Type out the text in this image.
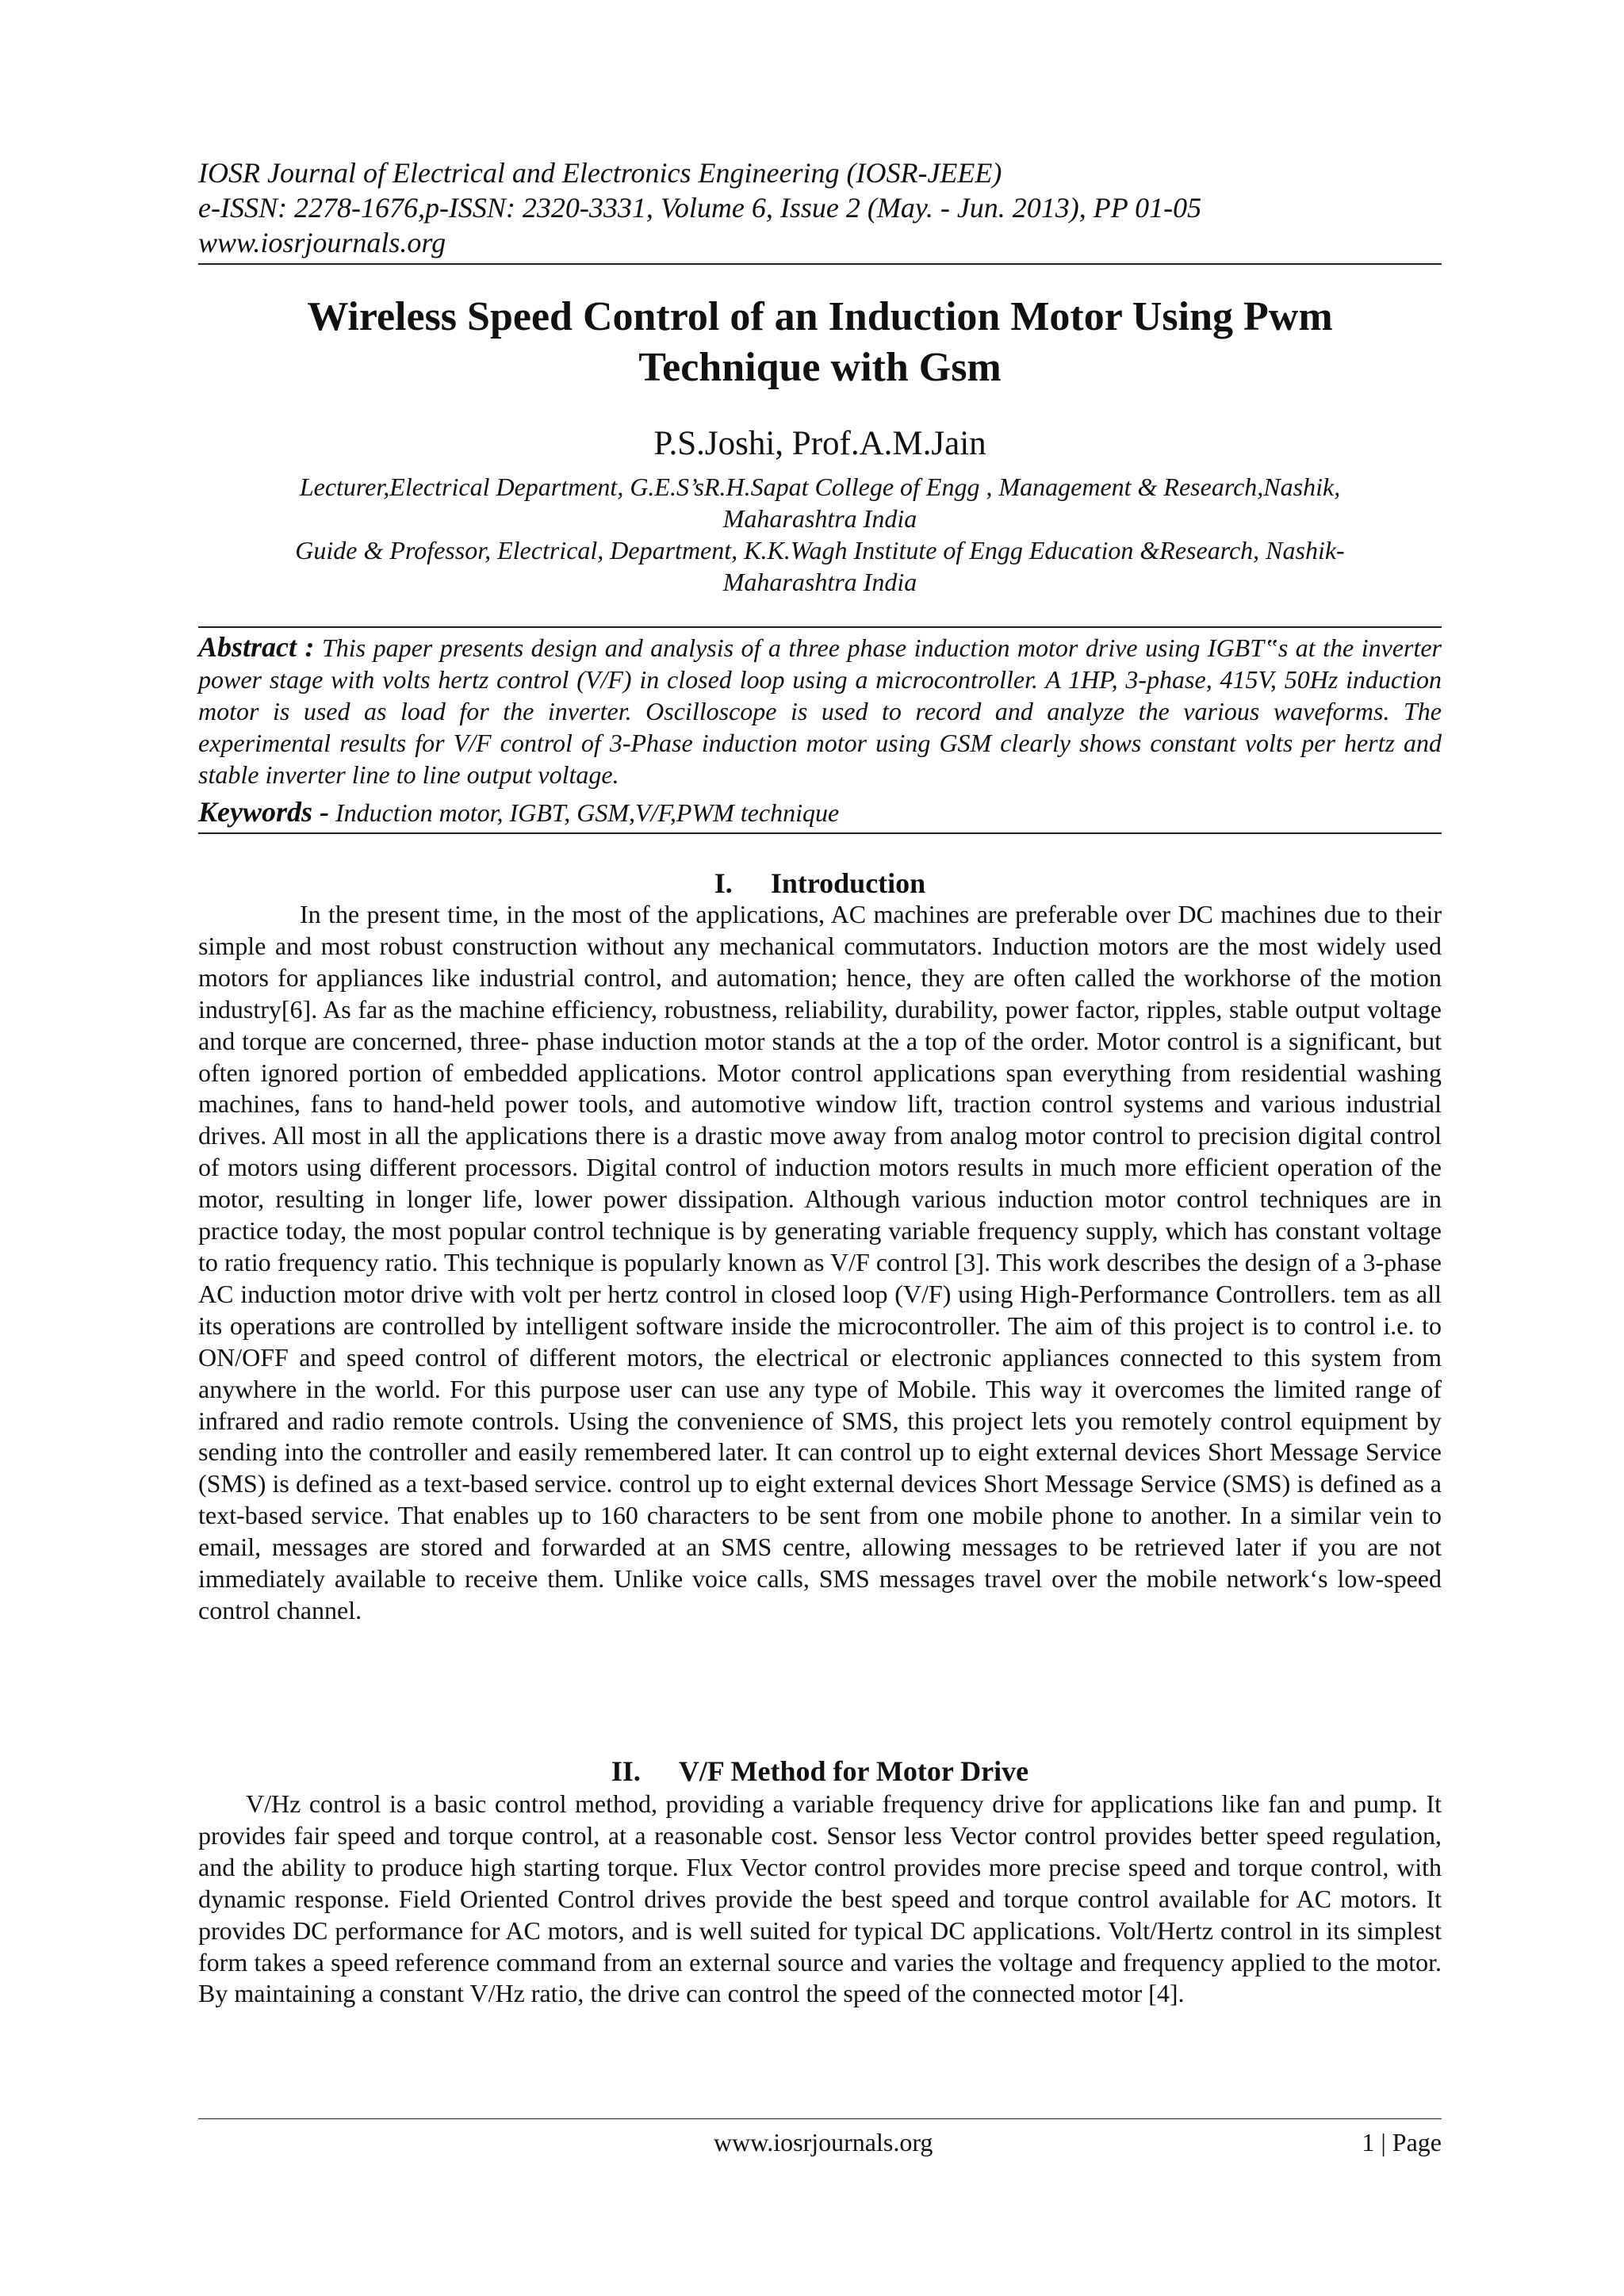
IOSR Journal of Electrical and Electronics Engineering (IOSR-JEEE)
e-ISSN: 2278-1676,p-ISSN: 2320-3331, Volume 6, Issue 2 (May. - Jun. 2013), PP 01-05
www.iosrjournals.org
Wireless Speed Control of an Induction Motor Using Pwm
Technique with Gsm
P.S.Joshi, Prof.A.M.Jain
Lecturer,Electrical Department, G.E.S’sR.H.Sapat College of Engg , Management & Research,Nashik,
Maharashtra India
Guide & Professor, Electrical, Department, K.K.Wagh Institute of Engg Education &Research, Nashik-
Maharashtra India
Abstract : This paper presents design and analysis of a three phase induction motor drive using IGBT‟s at the inverter power stage with volts hertz control (V/F) in closed loop using a microcontroller. A 1HP, 3-phase, 415V, 50Hz induction motor is used as load for the inverter. Oscilloscope is used to record and analyze the various waveforms. The experimental results for V/F control of 3-Phase induction motor using GSM clearly shows constant volts per hertz and stable inverter line to line output voltage.
Keywords - Induction motor, IGBT, GSM,V/F,PWM technique
I. Introduction

In the present time, in the most of the applications, AC machines are preferable over DC machines due to their simple and most robust construction without any mechanical commutators. Induction motors are the most widely used motors for appliances like industrial control, and automation; hence, they are often called the workhorse of the motion industry[6]. As far as the machine efficiency, robustness, reliability, durability, power factor, ripples, stable output voltage and torque are concerned, three- phase induction motor stands at the a top of the order. Motor control is a significant, but often ignored portion of embedded applications. Motor control applications span everything from residential washing machines, fans to hand-held power tools, and automotive window lift, traction control systems and various industrial drives. All most in all the applications there is a drastic move away from analog motor control to precision digital control of motors using different processors. Digital control of induction motors results in much more efficient operation of the motor, resulting in longer life, lower power dissipation. Although various induction motor control techniques are in practice today, the most popular control technique is by generating variable frequency supply, which has constant voltage to ratio frequency ratio. This technique is popularly known as V/F control [3]. This work describes the design of a 3-phase AC induction motor drive with volt per hertz control in closed loop (V/F) using High-Performance Controllers. tem as all its operations are controlled by intelligent software inside the microcontroller. The aim of this project is to control i.e. to ON/OFF and speed control of different motors, the electrical or electronic appliances connected to this system from anywhere in the world. For this purpose user can use any type of Mobile. This way it overcomes the limited range of infrared and radio remote controls. Using the convenience of SMS, this project lets you remotely control equipment by sending into the controller and easily remembered later. It can control up to eight external devices Short Message Service (SMS) is defined as a text-based service. control up to eight external devices Short Message Service (SMS) is defined as a text-based service. That enables up to 160 characters to be sent from one mobile phone to another. In a similar vein to email, messages are stored and forwarded at an SMS centre, allowing messages to be retrieved later if you are not immediately available to receive them. Unlike voice calls, SMS messages travel over the mobile network‘s low-speed control channel.

II. V/F Method for Motor Drive

V/Hz control is a basic control method, providing a variable frequency drive for applications like fan and pump. It provides fair speed and torque control, at a reasonable cost. Sensor less Vector control provides better speed regulation, and the ability to produce high starting torque. Flux Vector control provides more precise speed and torque control, with dynamic response. Field Oriented Control drives provide the best speed and torque control available for AC motors. It provides DC performance for AC motors, and is well suited for typical DC applications. Volt/Hertz control in its simplest form takes a speed reference command from an external source and varies the voltage and frequency applied to the motor. By maintaining a constant V/Hz ratio, the drive can control the speed of the connected motor [4].

www.iosrjournals.org	1 | Page
